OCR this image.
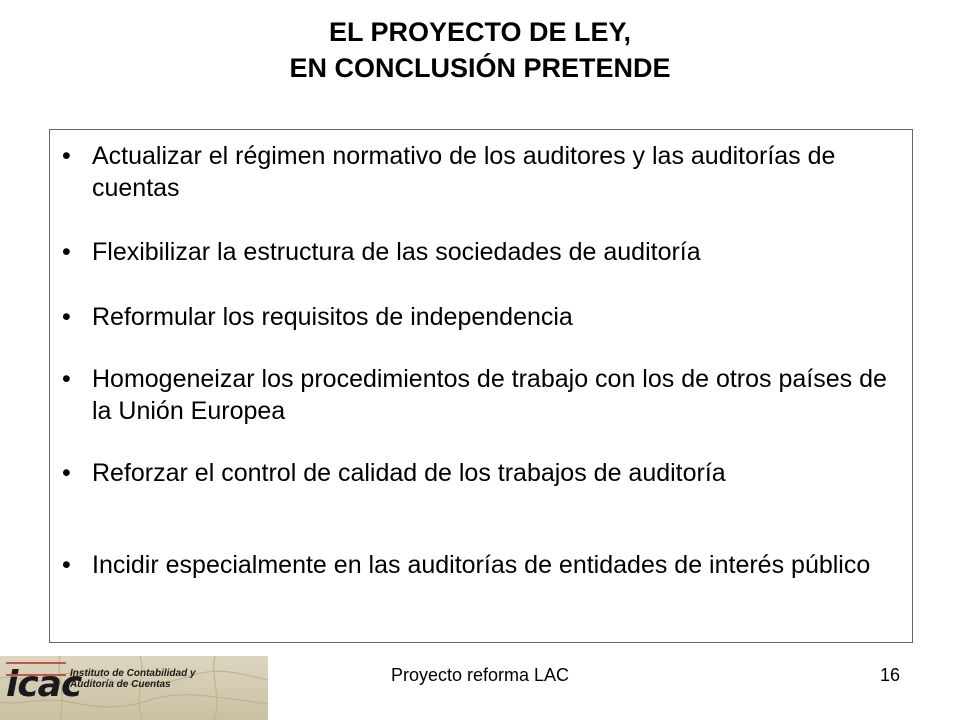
EL PROYECTO DE LEY,
EN CONCLUSIÓN PRETENDE
• Actualizar el régimen normativo de los auditores y las auditorías de cuentas
• Flexibilizar la estructura de las sociedades de auditoría
• Reformular los requisitos de independencia
• Homogeneizar los procedimientos de trabajo con los de otros países de la Unión Europea
• Reforzar el control de calidad de los trabajos de auditoría
• Incidir especialmente en las auditorías de entidades de interés público
icac
Instituto de Contabilidad y
Auditoría de Cuentas	Proyecto reforma LAC	16
